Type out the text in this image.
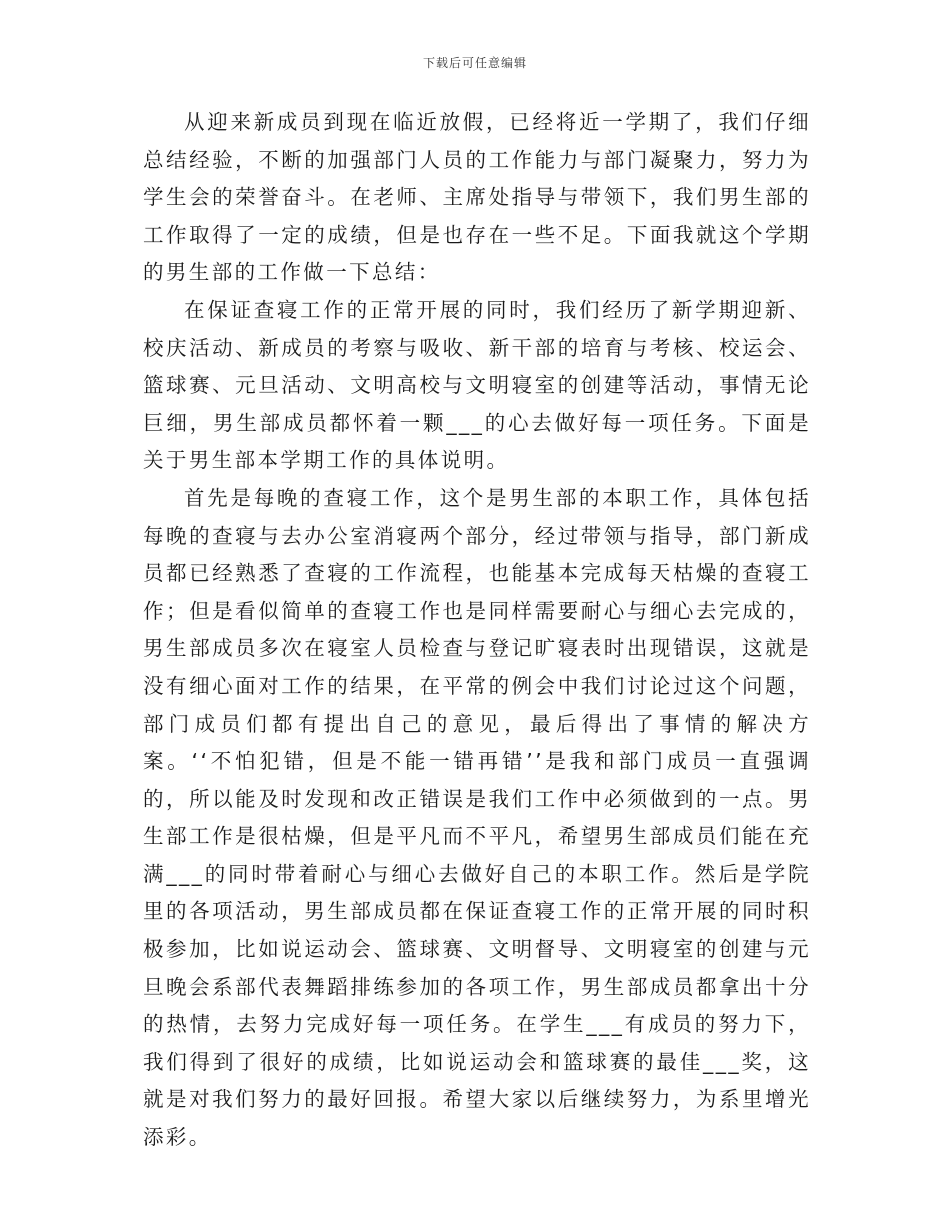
下载后可任意编辑

从迎来新成员到现在临近放假，已经将近一学期了，我们仔细总结经验，不断的加强部门人员的工作能力与部门凝聚力，努力为学生会的荣誉奋斗。在老师、主席处指导与带领下，我们男生部的工作取得了一定的成绩，但是也存在一些不足。下面我就这个学期的男生部的工作做一下总结：

在保证查寝工作的正常开展的同时，我们经历了新学期迎新、校庆活动、新成员的考察与吸收、新干部的培育与考核、校运会、篮球赛、元旦活动、文明高校与文明寝室的创建等活动，事情无论巨细，男生部成员都怀着一颗___的心去做好每一项任务。下面是关于男生部本学期工作的具体说明。

首先是每晚的查寝工作，这个是男生部的本职工作，具体包括每晚的查寝与去办公室消寝两个部分，经过带领与指导，部门新成员都已经熟悉了查寝的工作流程，也能基本完成每天枯燥的查寝工作；但是看似简单的查寝工作也是同样需要耐心与细心去完成的，男生部成员多次在寝室人员检查与登记旷寝表时出现错误，这就是没有细心面对工作的结果，在平常的例会中我们讨论过这个问题，部门成员们都有提出自己的意见，最后得出了事情的解决方案。‘‘不怕犯错，但是不能一错再错’’是我和部门成员一直强调的，所以能及时发现和改正错误是我们工作中必须做到的一点。男生部工作是很枯燥，但是平凡而不平凡，希望男生部成员们能在充满___的同时带着耐心与细心去做好自己的本职工作。然后是学院里的各项活动，男生部成员都在保证查寝工作的正常开展的同时积极参加，比如说运动会、篮球赛、文明督导、文明寝室的创建与元旦晚会系部代表舞蹈排练参加的各项工作，男生部成员都拿出十分的热情，去努力完成好每一项任务。在学生___有成员的努力下，我们得到了很好的成绩，比如说运动会和篮球赛的最佳___奖，这就是对我们努力的最好回报。希望大家以后继续努力，为系里增光添彩。
